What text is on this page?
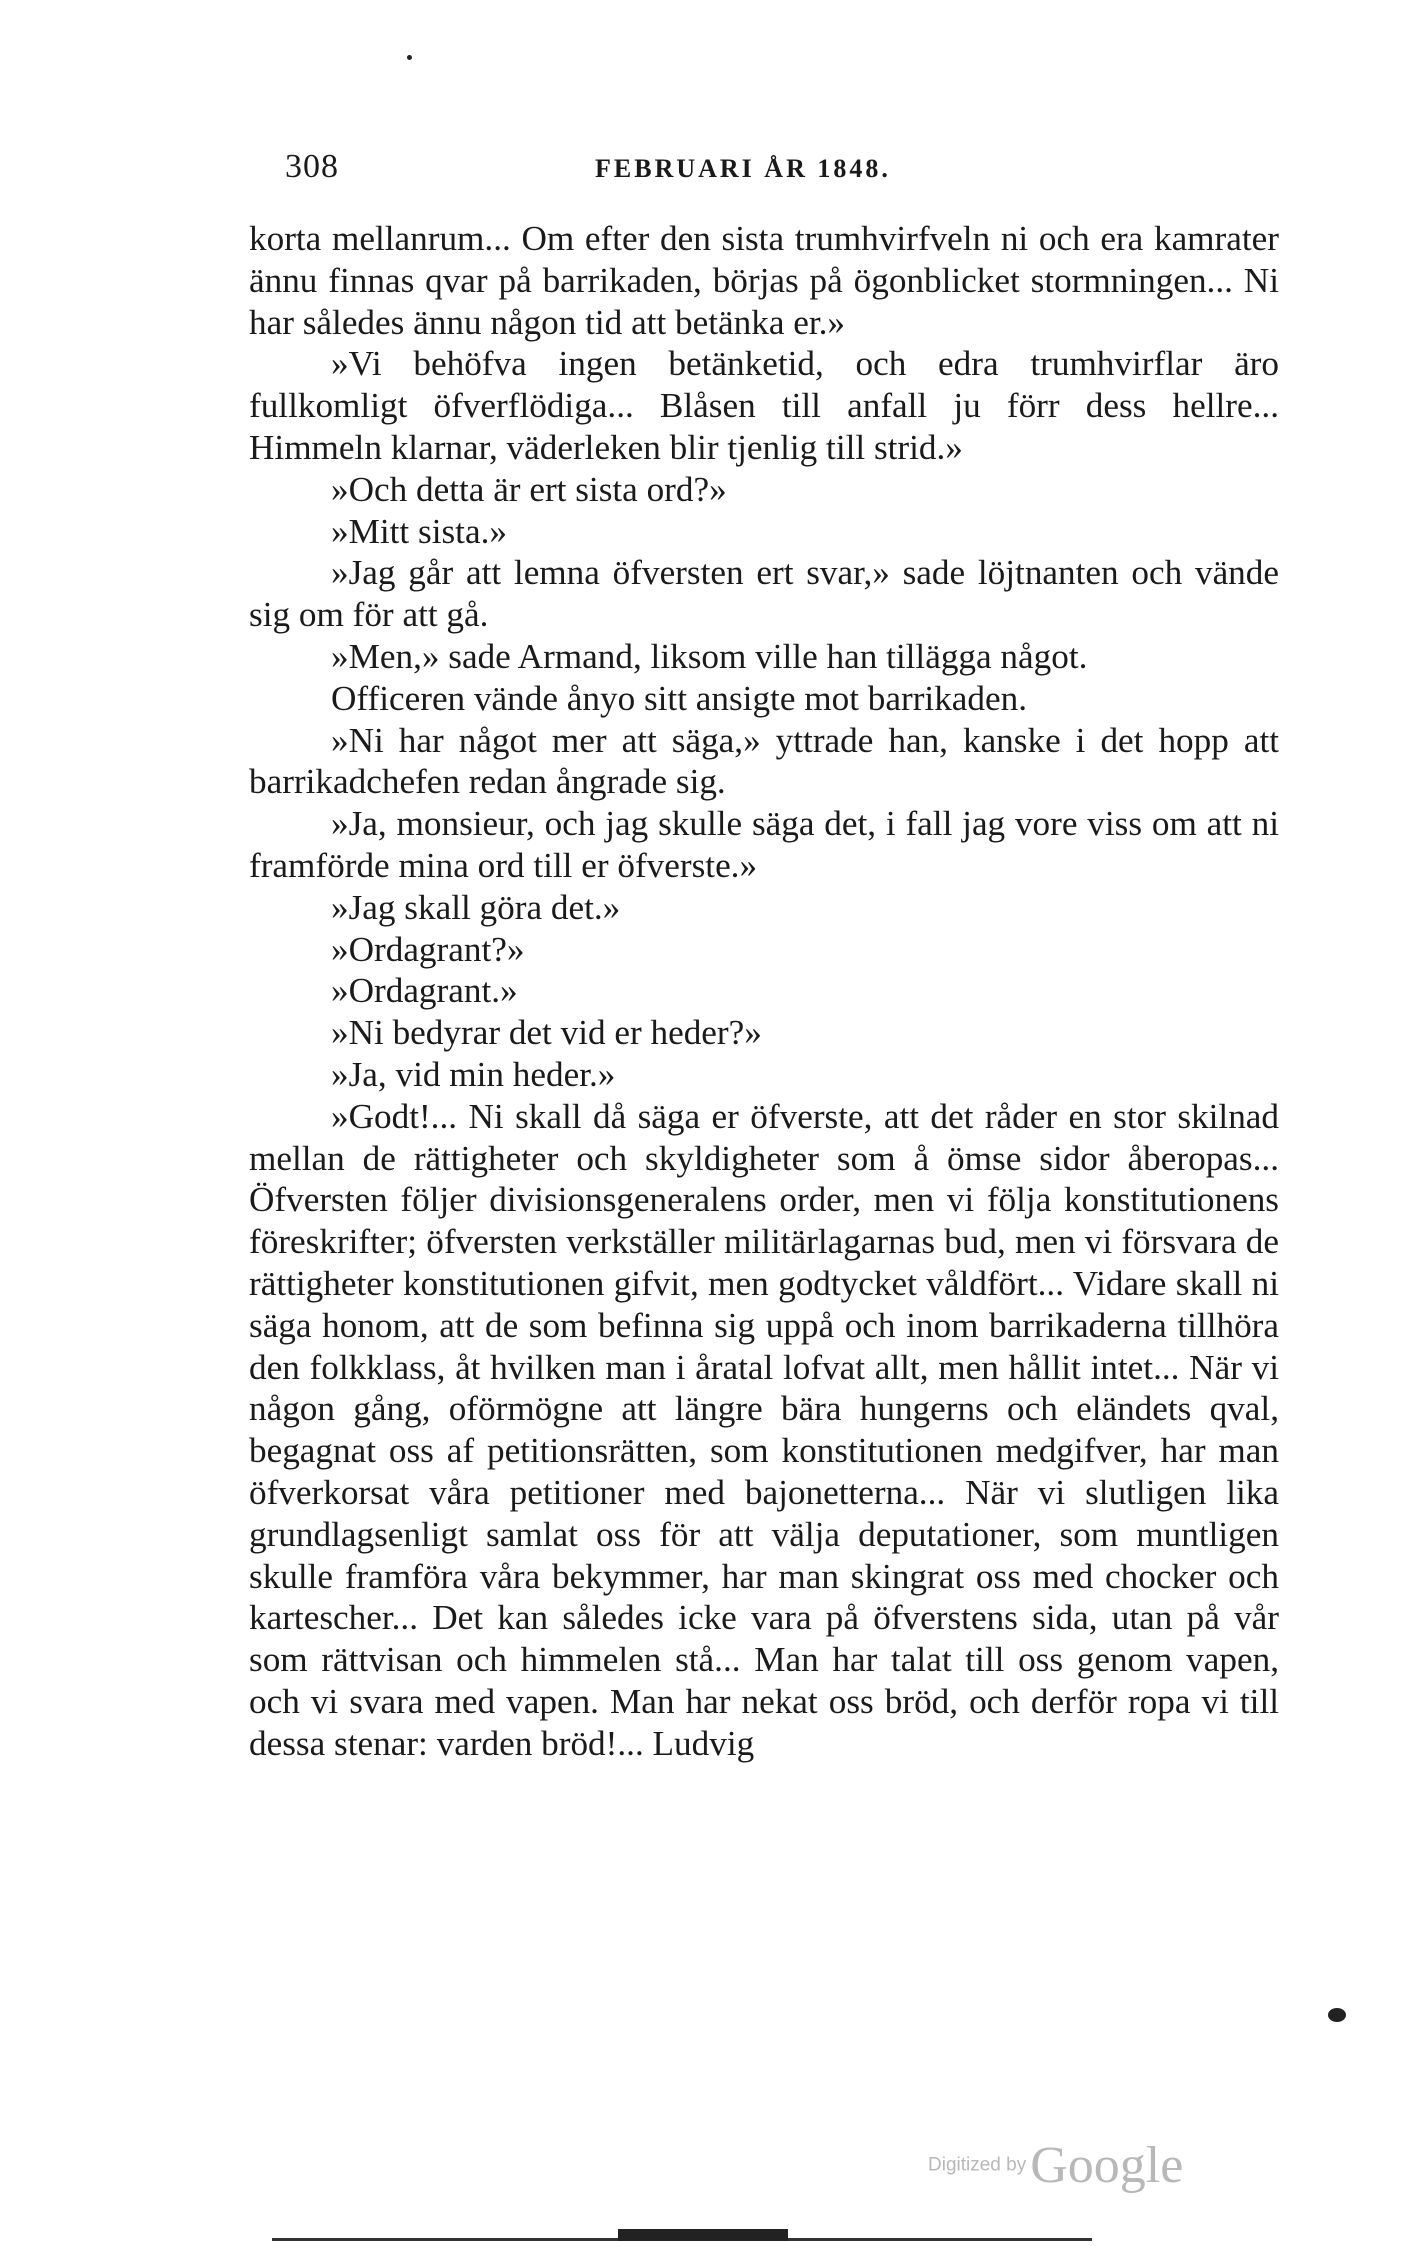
308	FEBRUARI ÅR 1848.

korta mellanrum... Om efter den sista trumhvirfveln ni och era kamrater ännu finnas qvar på barrikaden, börjas på ögonblicket stormningen... Ni har således ännu någon tid att betänka er.»

»Vi behöfva ingen betänketid, och edra trumhvirflar äro fullkomligt öfverflödiga... Blåsen till anfall ju förr dess hellre... Himmeln klarnar, väderleken blir tjenlig till strid.»

»Och detta är ert sista ord?»

»Mitt sista.»

»Jag går att lemna öfversten ert svar,» sade löjtnanten och vände sig om för att gå.

»Men,» sade Armand, liksom ville han tillägga något.

Officeren vände ånyo sitt ansigte mot barrikaden.

»Ni har något mer att säga,» yttrade han, kanske i det hopp att barrikadchefen redan ångrade sig.

»Ja, monsieur, och jag skulle säga det, i fall jag vore viss om att ni framförde mina ord till er öfverste.»

»Jag skall göra det.»

»Ordagrant?»

»Ordagrant.»

»Ni bedyrar det vid er heder?»

»Ja, vid min heder.»

»Godt!... Ni skall då säga er öfverste, att det råder en stor skilnad mellan de rättigheter och skyldigheter som å ömse sidor åberopas... Öfversten följer divisionsgeneralens order, men vi följa konstitutionens föreskrifter; öfversten verkställer militärlagarnas bud, men vi försvara de rättigheter konstitutionen gifvit, men godtycket våldfört... Vidare skall ni säga honom, att de som befinna sig uppå och inom barrikaderna tillhöra den folkklass, åt hvilken man i åratal lofvat allt, men hållit intet... När vi någon gång, oförmögne att längre bära hungerns och eländets qval, begagnat oss af petitionsrätten, som konstitutionen medgifver, har man öfverkorsat våra petitioner med bajonetterna... När vi slutligen lika grundlagsenligt samlat oss för att välja deputationer, som muntligen skulle framföra våra bekymmer, har man skingrat oss med chocker och kartescher... Det kan således icke vara på öfverstens sida, utan på vår som rättvisan och himmelen stå... Man har talat till oss genom vapen, och vi svara med vapen. Man har nekat oss bröd, och derför ropa vi till dessa stenar: varden bröd!... Ludvig

Digitized byGoogle
